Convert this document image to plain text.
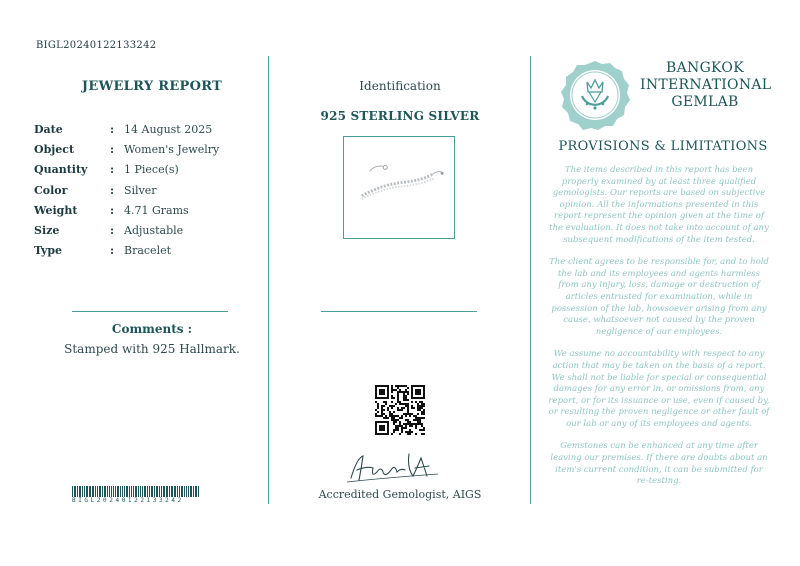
BIGL20240122133242
JEWELRY REPORT
Date	: 14 August 2025
Object	: Women's Jewelry
Quantity	: 1 Piece(s)
Color	: Silver
Weight	: 4.71 Grams
Size	: Adjustable
Type	: Bracelet
Comments :
Stamped with 925 Hallmark.
BIGL20240122133242
Identification
925 STERLING SILVER
Accredited Gemologist, AIGS
BANGKOK
INTERNATIONAL
GEMLAB
PROVISIONS & LIMITATIONS

The items described in this report has been properly examined by at least three qualified gemologists. Our reports are based on subjective opinion. All the informations presented in this report represent the opinion given at the time of the evaluation. It does not take into account of any subsequent modifications of the item tested.

The client agrees to be responsible for, and to hold the lab and its employees and agents harmless from any injury, loss, damage or destruction of articles entrusted for examination, while in possession of the lab, howsoever arising from any cause, whatsoever not caused by the proven negligence of our employees.

We assume no accountability with respect to any action that may be taken on the basis of a report. We shall not be liable for special or consequential damages for any error in, or omissions from, any report, or for its issuance or use, even if caused by, or resulting the proven negligence or other fault of our lab or any of its employees and agents.

Gemstones can be enhanced at any time after leaving our premises. If there are doubts about an item's current condition, it can be submitted for re-testing.
